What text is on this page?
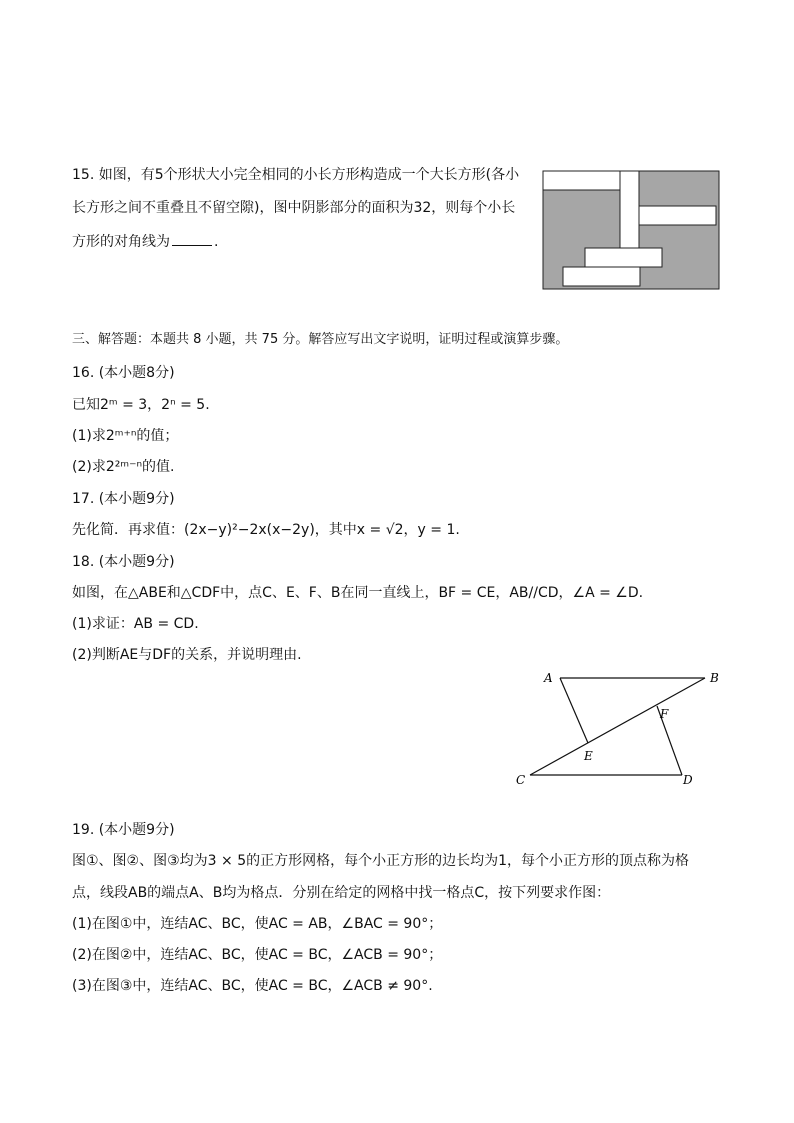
15. 如图，有5个形状大小完全相同的小长方形构造成一个大长方形(各小
长方形之间不重叠且不留空隙)，图中阴影部分的面积为32，则每个小长
方形的对角线为	.
三、解答题：本题共 8 小题，共 75 分。解答应写出文字说明，证明过程或演算步骤。
16. (本小题8分)
已知2ᵐ = 3，2ⁿ = 5.
(1)求2ᵐ⁺ⁿ的值；
(2)求2²ᵐ⁻ⁿ的值.
17. (本小题9分)
先化简．再求值：(2x−y)²−2x(x−2y)，其中x = √2，y = 1.
18. (本小题9分)
如图，在△ABE和△CDF中，点C、E、F、B在同一直线上，BF = CE，AB//CD，∠A = ∠D.
(1)求证：AB = CD.
(2)判断AE与DF的关系，并说明理由.
A	B
C	D
E
F
19. (本小题9分)
图①、图②、图③均为3 × 5的正方形网格，每个小正方形的边长均为1，每个小正方形的顶点称为格
点，线段AB的端点A、B均为格点．分别在给定的网格中找一格点C，按下列要求作图：
(1)在图①中，连结AC、BC，使AC = AB，∠BAC = 90°；
(2)在图②中，连结AC、BC，使AC = BC，∠ACB = 90°；
(3)在图③中，连结AC、BC，使AC = BC，∠ACB ≠ 90°.
